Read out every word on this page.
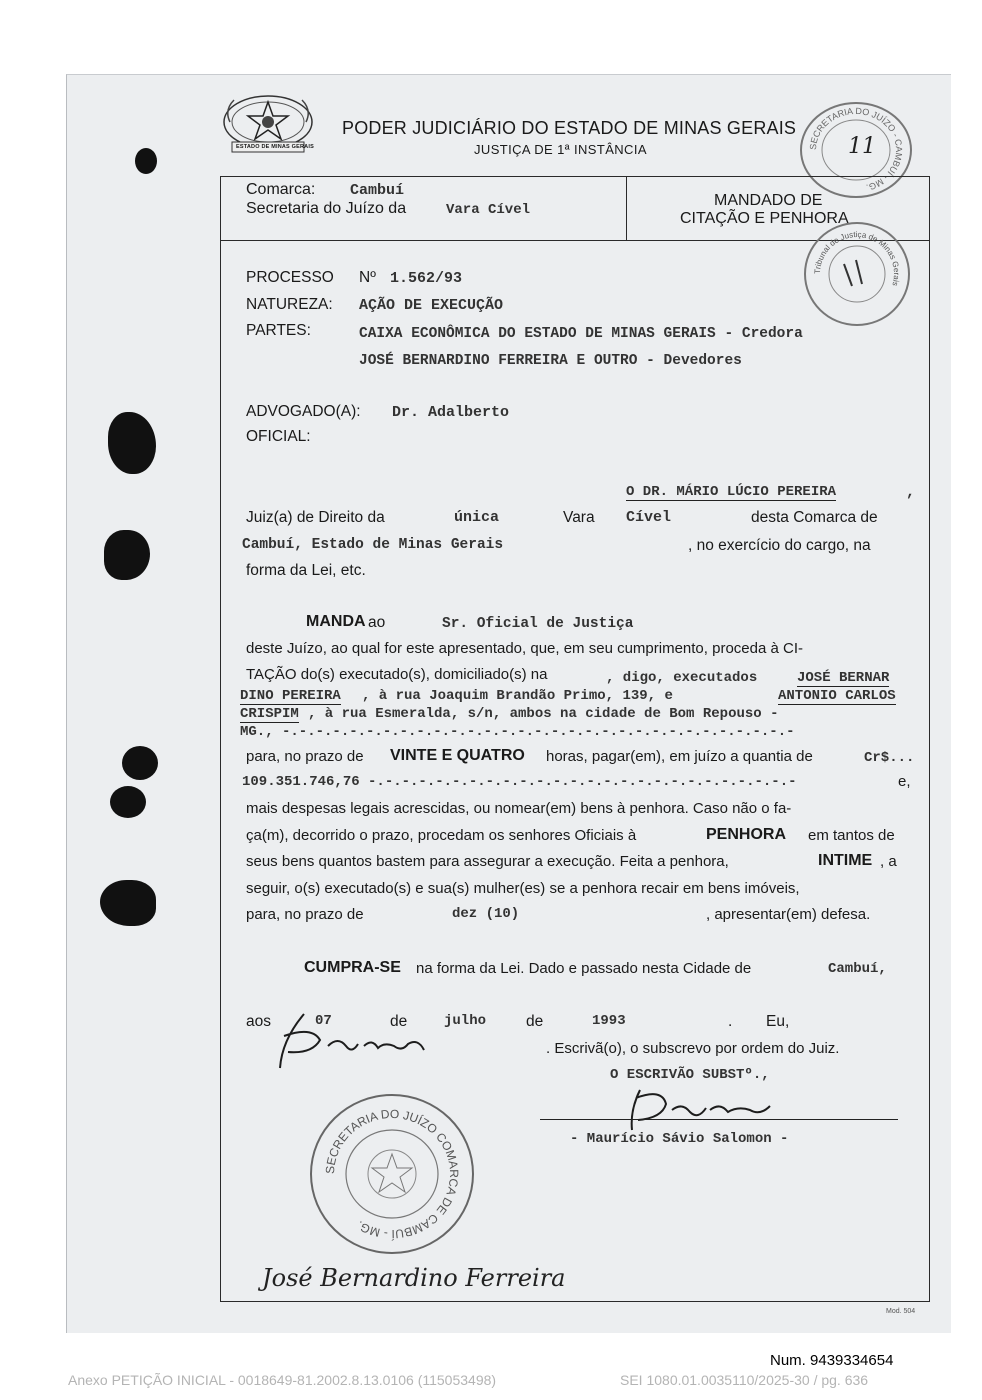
ESTADO DE MINAS GERAIS
PODER JUDICIÁRIO DO ESTADO DE MINAS GERAIS
JUSTIÇA DE 1ª INSTÂNCIA	SECRETARIA DO JUÍZO - CAMBUÍ - MG.
11
Comarca: Cambuí
Secretaria do Juízo da	Vara Cível
MANDADO DE
CITAÇÃO E PENHORA
Tribunal de Justiça de Minas Gerais
PROCESSO Nº 1.562/93
NATUREZA: AÇÃO DE EXECUÇÃO
PARTES:	CAIXA ECONÔMICA DO ESTADO DE MINAS GERAIS - Credora
JOSÉ BERNARDINO FERREIRA E OUTRO - Devedores
ADVOGADO(A): Dr. Adalberto
OFICIAL:
O DR. MÁRIO LÚCIO PEREIRA	,
Juiz(a) de Direito da	única	Vara Cível	desta Comarca de
Cambuí, Estado de Minas Gerais	, no exercício do cargo, na
forma da Lei, etc.
MANDA ao	Sr. Oficial de Justiça
deste Juízo, ao qual for este apresentado, que, em seu cumprimento, proceda à CI-
TAÇÃO do(s) executado(s), domiciliado(s) na	, digo, executados	JOSÉ BERNAR
DINO PEREIRA , à rua Joaquim Brandão Primo, 139, e	ANTONIO CARLOS
CRISPIM , à rua Esmeralda, s/n, ambos na cidade de Bom Repouso -
MG., -.-.-.-.-.-.-.-.-.-.-.-.-.-.-.-.-.-.-.-.-.-.-.-.-.-.-.-.-.-.-
para, no prazo de VINTE E QUATRO horas, pagar(em), em juízo a quantia de	Cr$...
109.351.746,76 -.-.-.-.-.-.-.-.-.-.-.-.-.-.-.-.-.-.-.-.-.-.-.-.-.-	e,
mais despesas legais acrescidas, ou nomear(em) bens à penhora. Caso não o fa-
ça(m), decorrido o prazo, procedam os senhores Oficiais à	PENHORA em tantos de
seus bens quantos bastem para assegurar a execução. Feita a penhora,	INTIME , a
seguir, o(s) executado(s) e sua(s) mulher(es) se a penhora recair em bens imóveis,
para, no prazo de	dez (10)	, apresentar(em) defesa.
CUMPRA-SE na forma da Lei. Dado e passado nesta Cidade de	Cambuí,
aos	07	de	julho	de	1993	. Eu,
. Escrivã(o), o subscrevo por ordem do Juiz.
O ESCRIVÃO SUBSTº.,
- Maurício Sávio Salomon -
SECRETARIA DO JUÍZO COMARCA DE CAMBUÍ - MG.
José Bernardino Ferreira
Mod. 504
Num. 9439334654
Anexo PETIÇÃO INICIAL - 0018649-81.2002.8.13.0106 (115053498)	SEI 1080.01.0035110/2025-30 / pg. 636
